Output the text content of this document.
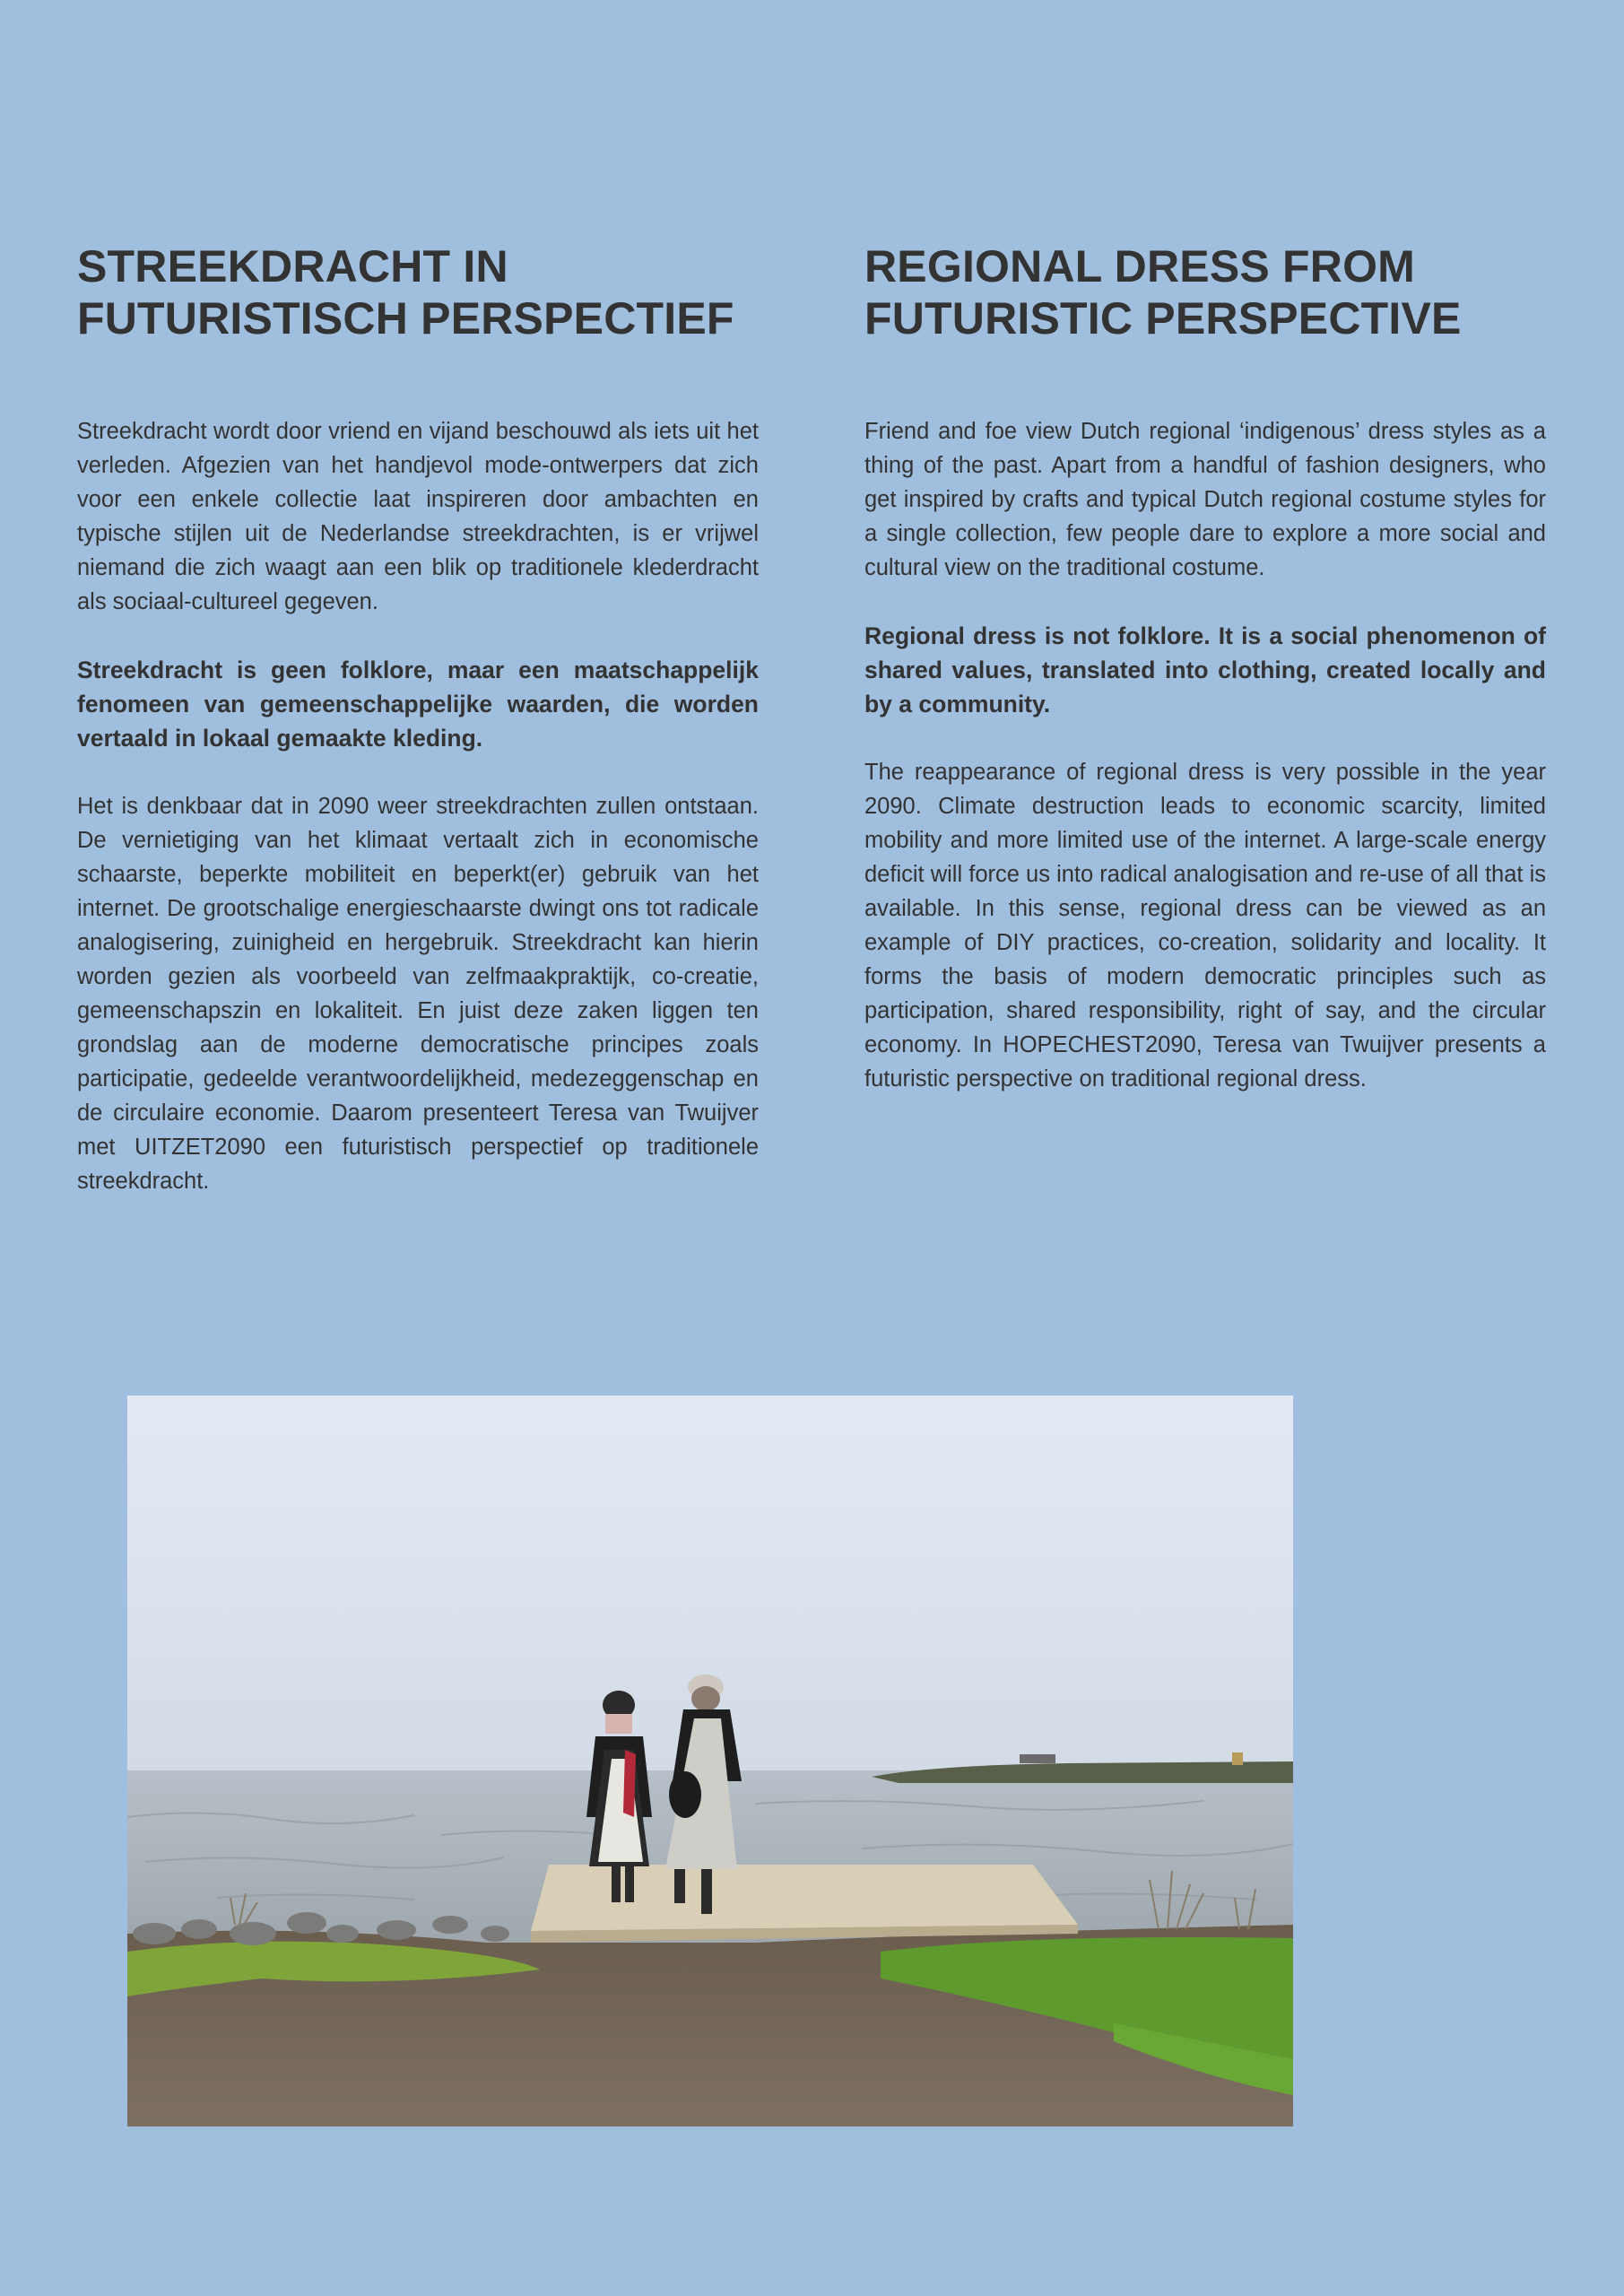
STREEKDRACHT IN
FUTURISTISCH PERSPECTIEF

Streekdracht wordt door vriend en vijand beschouwd als iets uit het verleden. Afgezien van het handjevol mode-ontwerpers dat zich voor een enkele collectie laat inspireren door ambachten en typische stijlen uit de Nederlandse streekdrachten, is er vrijwel niemand die zich waagt aan een blik op traditionele klederdracht als sociaal-cultureel gegeven.

Streekdracht is geen folklore, maar een maatschappelijk fenomeen van gemeenschappelijke waarden, die worden vertaald in lokaal gemaakte kleding.

Het is denkbaar dat in 2090 weer streekdrachten zullen ontstaan. De vernietiging van het klimaat vertaalt zich in economische schaarste, beperkte mobiliteit en beperkt(er) gebruik van het internet. De grootschalige energieschaarste dwingt ons tot radicale analogisering, zuinigheid en hergebruik. Streekdracht kan hierin worden gezien als voorbeeld van zelfmaakpraktijk, co-creatie, gemeenschapszin en lokaliteit. En juist deze zaken liggen ten grondslag aan de moderne democratische principes zoals participatie, gedeelde verantwoordelijkheid, medezeggenschap en de circulaire economie. Daarom presenteert Teresa van Twuijver met UITZET2090 een futuristisch perspectief op traditionele streekdracht.

REGIONAL DRESS FROM
FUTURISTIC PERSPECTIVE

Friend and foe view Dutch regional ‘indigenous’ dress styles as a thing of the past. Apart from a handful of fashion designers, who get inspired by crafts and typical Dutch regional costume styles for a single collection, few people dare to explore a more social and cultural view on the traditional costume.

Regional dress is not folklore. It is a social phenomenon of shared values, translated into clothing, created locally and by a community.

The reappearance of regional dress is very possible in the year 2090. Climate destruction leads to economic scarcity, limited mobility and more limited use of the internet. A large-scale energy deficit will force us into radical analogisation and re-use of all that is available. In this sense, regional dress can be viewed as an example of DIY practices, co-creation, solidarity and locality. It forms the basis of modern democratic principles such as participation, shared responsibility, right of say, and the circular economy. In HOPECHEST2090, Teresa van Twuijver presents a futuristic perspective on traditional regional dress.
